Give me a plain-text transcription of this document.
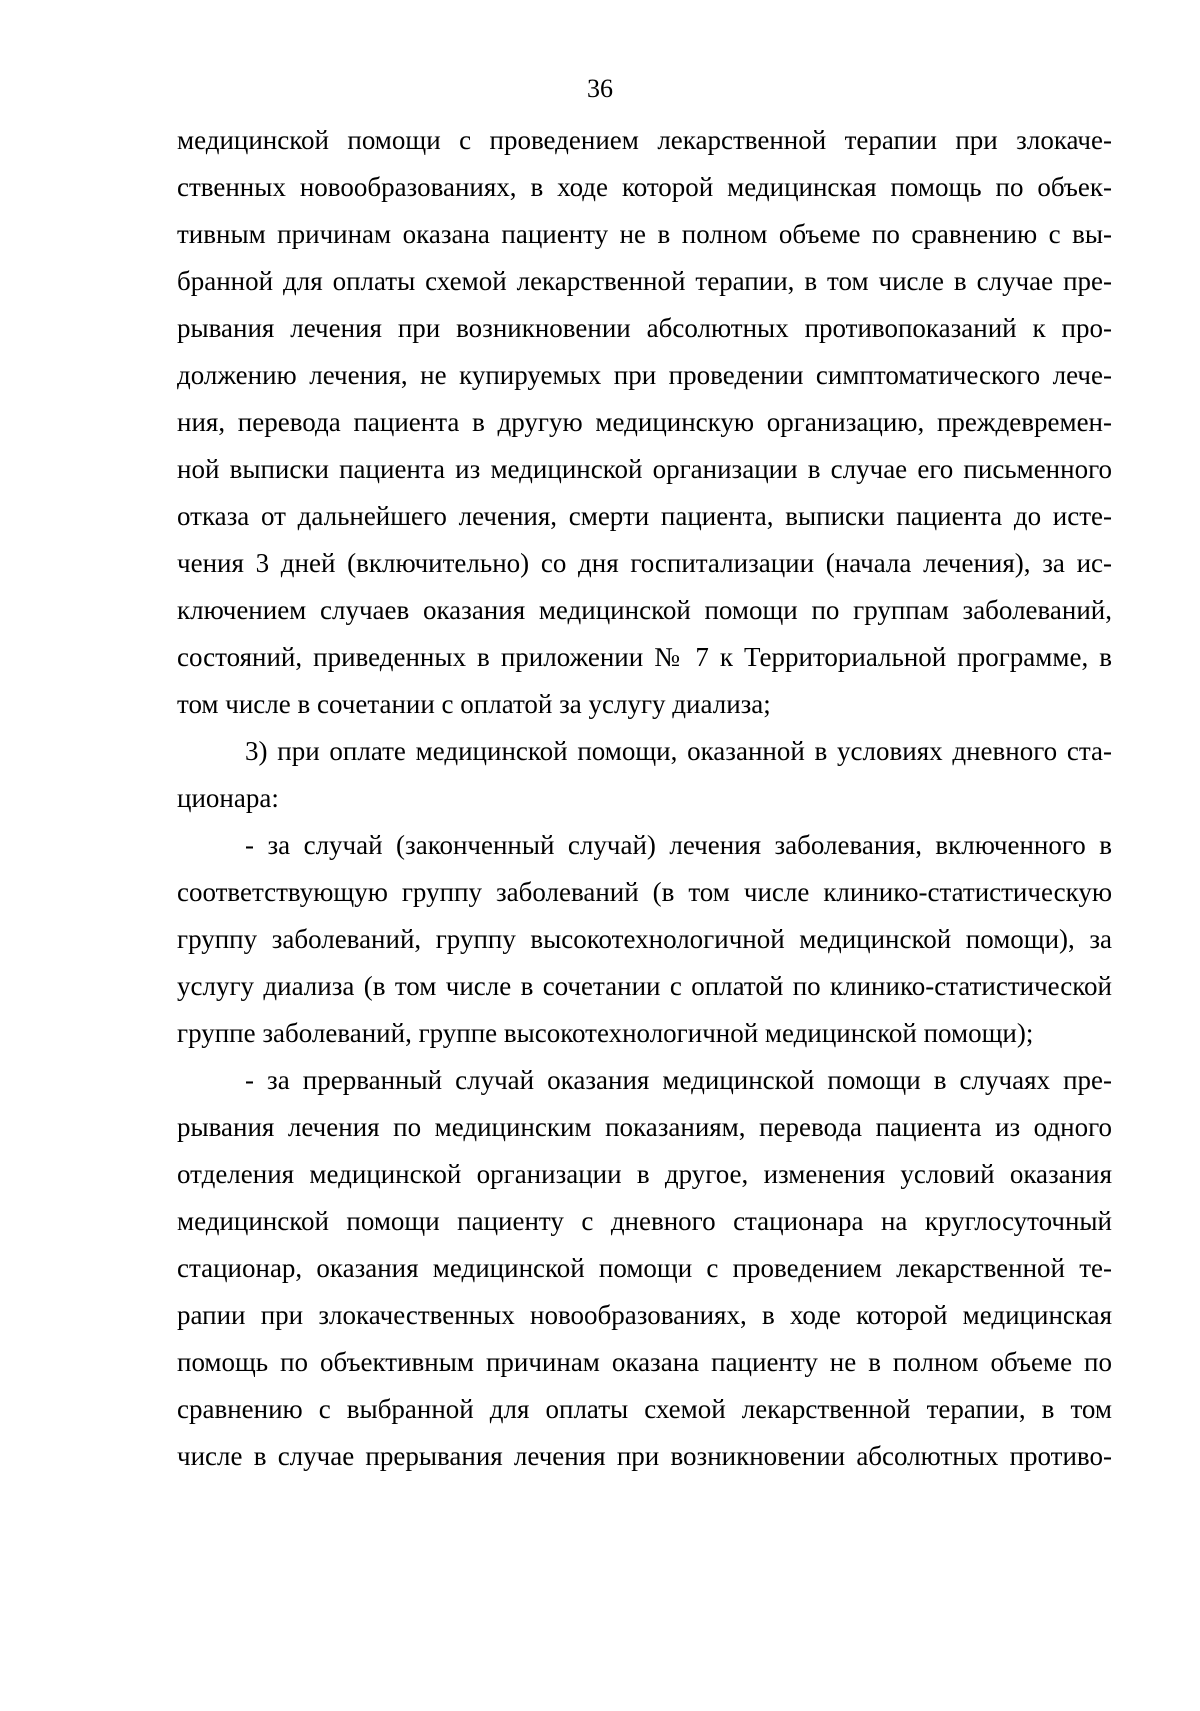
36
медицинской помощи с проведением лекарственной терапии при злокаче-
ственных новообразованиях, в ходе которой медицинская помощь по объек-
тивным причинам оказана пациенту не в полном объеме по сравнению с вы-
бранной для оплаты схемой лекарственной терапии, в том числе в случае пре-
рывания лечения при возникновении абсолютных противопоказаний к про-
должению лечения, не купируемых при проведении симптоматического лече-
ния, перевода пациента в другую медицинскую организацию, преждевремен-
ной выписки пациента из медицинской организации в случае его письменного
отказа от дальнейшего лечения, смерти пациента, выписки пациента до исте-
чения 3 дней (включительно) со дня госпитализации (начала лечения), за ис-
ключением случаев оказания медицинской помощи по группам заболеваний,
состояний, приведенных в приложении № 7 к Территориальной программе, в
том числе в сочетании с оплатой за услугу диализа;
3) при оплате медицинской помощи, оказанной в условиях дневного ста-
ционара:
- за случай (законченный случай) лечения заболевания, включенного в
соответствующую группу заболеваний (в том числе клинико-статистическую
группу заболеваний, группу высокотехнологичной медицинской помощи), за
услугу диализа (в том числе в сочетании с оплатой по клинико-статистической
группе заболеваний, группе высокотехнологичной медицинской помощи);
- за прерванный случай оказания медицинской помощи в случаях пре-
рывания лечения по медицинским показаниям, перевода пациента из одного
отделения медицинской организации в другое, изменения условий оказания
медицинской помощи пациенту с дневного стационара на круглосуточный
стационар, оказания медицинской помощи с проведением лекарственной те-
рапии при злокачественных новообразованиях, в ходе которой медицинская
помощь по объективным причинам оказана пациенту не в полном объеме по
сравнению с выбранной для оплаты схемой лекарственной терапии, в том
числе в случае прерывания лечения при возникновении абсолютных противо-
